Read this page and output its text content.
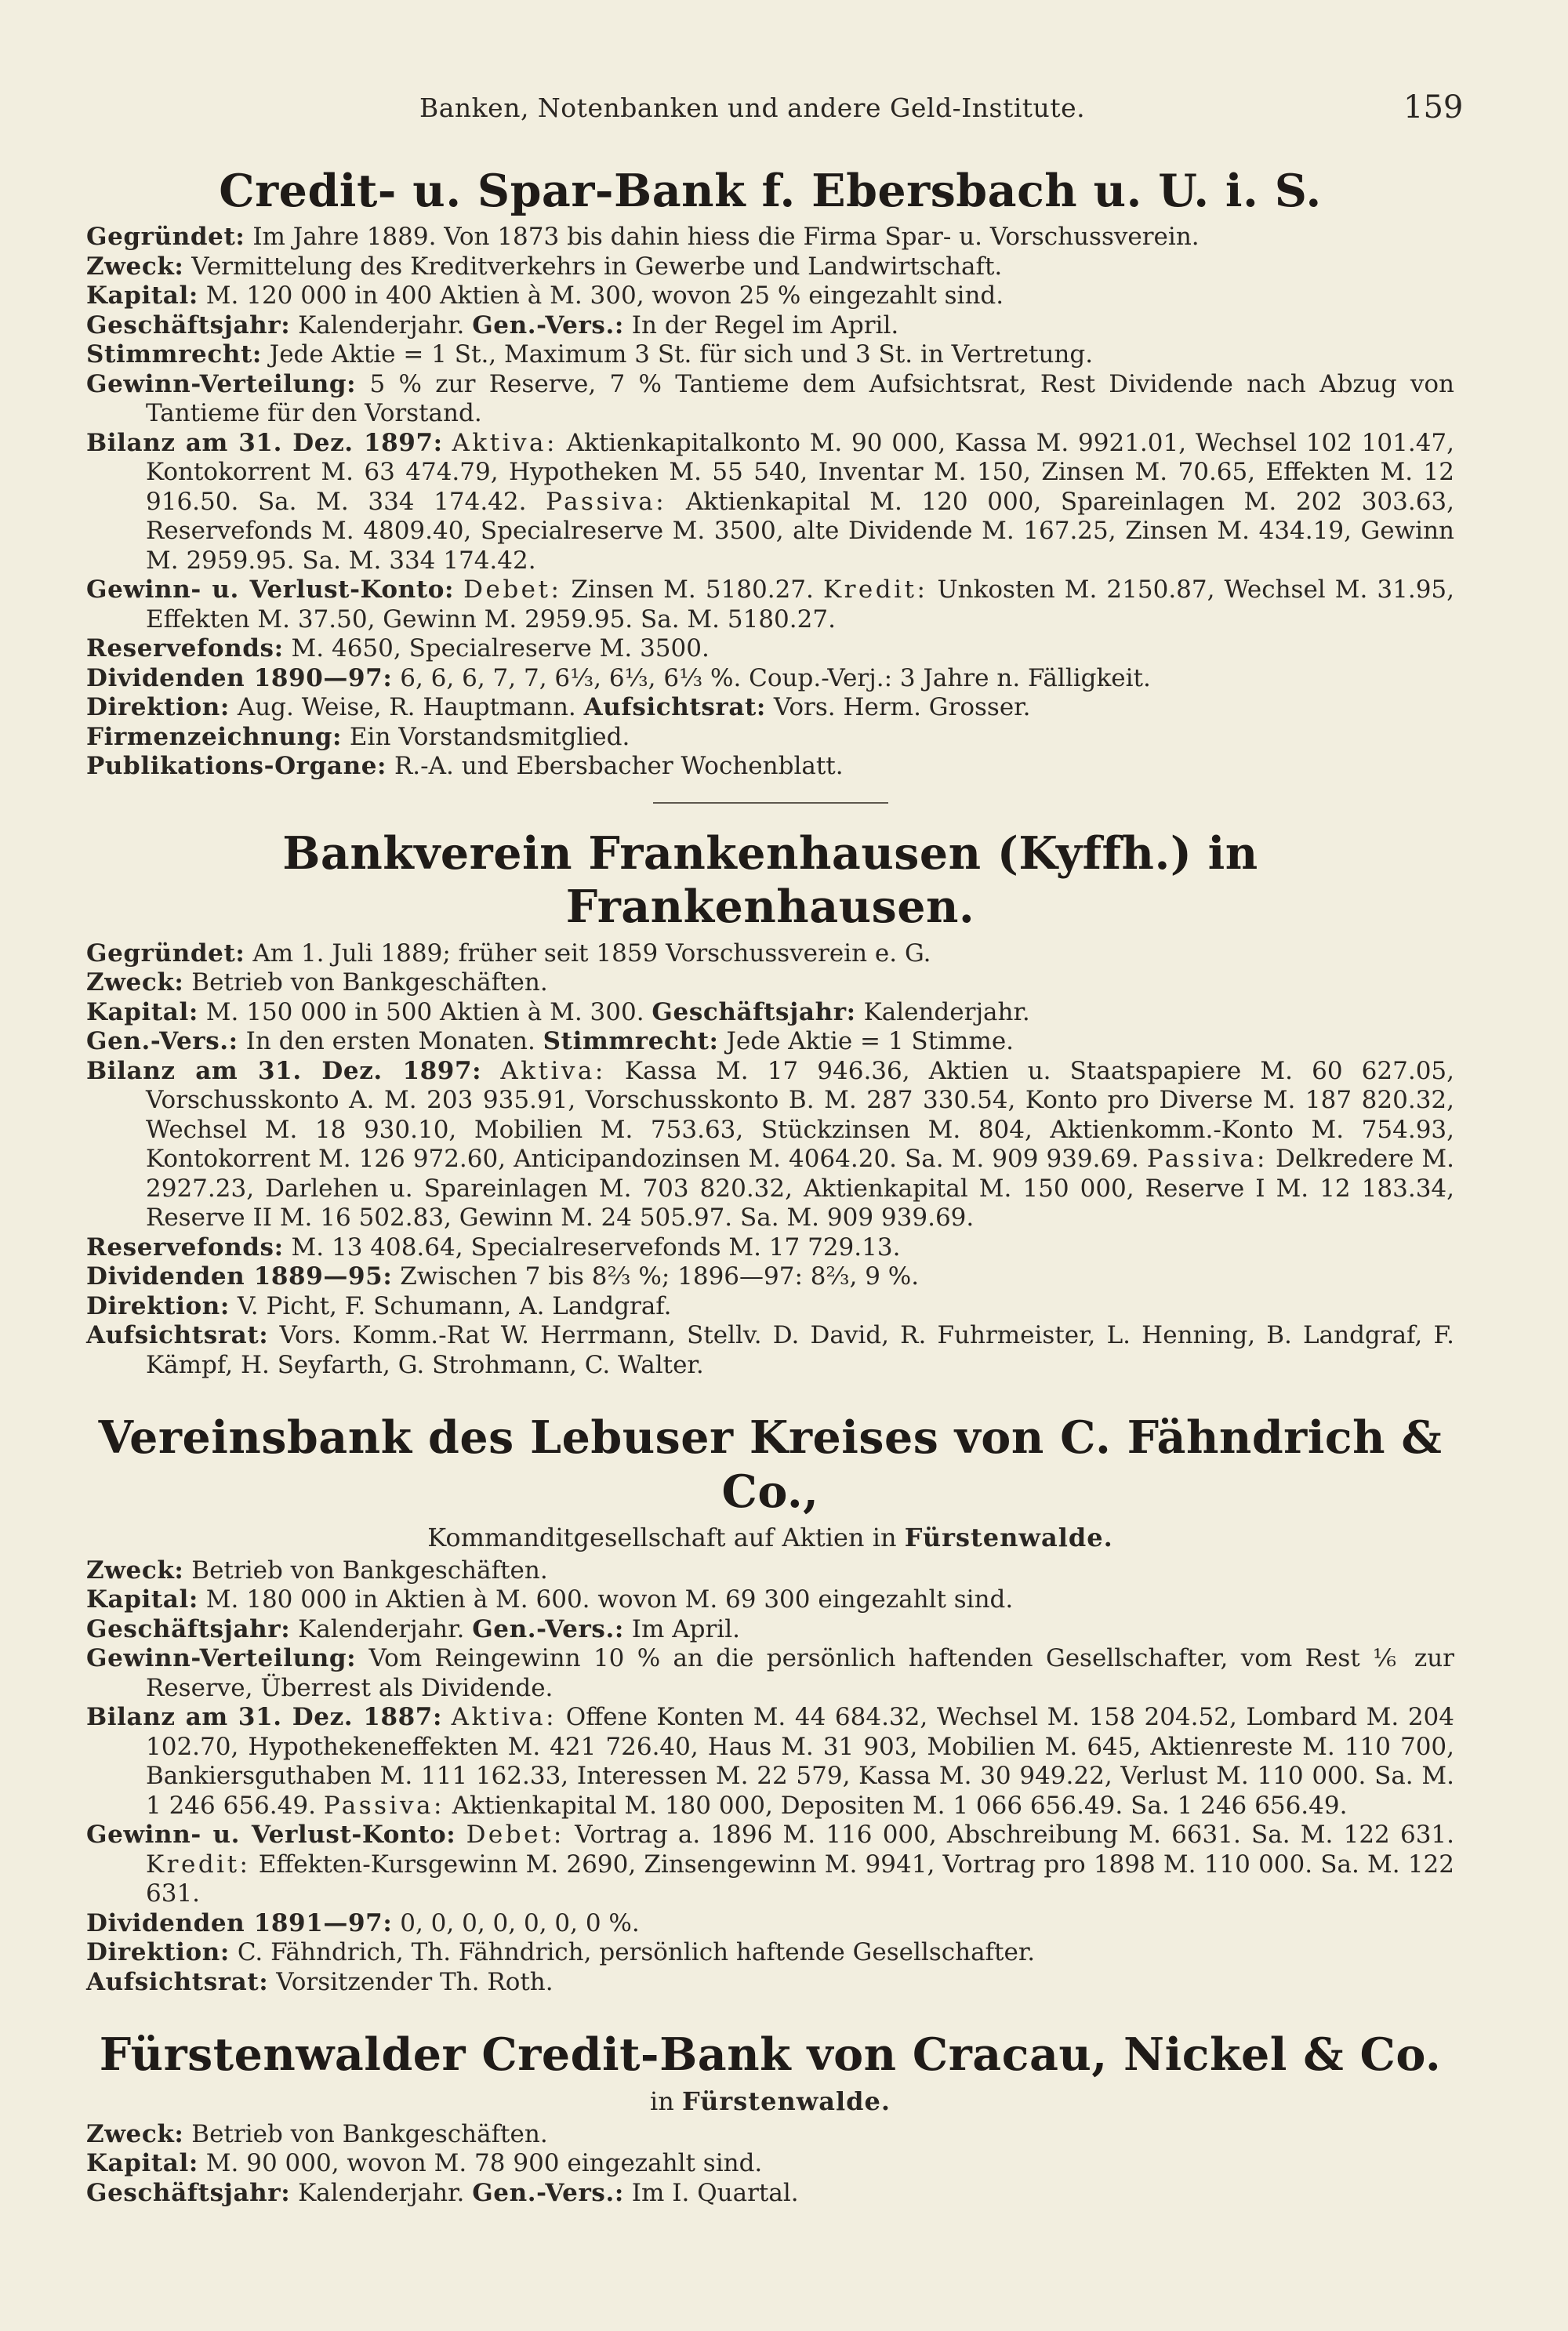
Banken, Notenbanken und andere Geld-Institute.	159
Credit- u. Spar-Bank f. Ebersbach u. U. i. S.

Gegründet: Im Jahre 1889. Von 1873 bis dahin hiess die Firma Spar- u. Vorschussverein.

Zweck: Vermittelung des Kreditverkehrs in Gewerbe und Landwirtschaft.

Kapital: M. 120 000 in 400 Aktien à M. 300, wovon 25 % eingezahlt sind.

Geschäftsjahr: Kalenderjahr. Gen.-Vers.: In der Regel im April.

Stimmrecht: Jede Aktie = 1 St., Maximum 3 St. für sich und 3 St. in Vertretung.

Gewinn-Verteilung: 5 % zur Reserve, 7 % Tantieme dem Aufsichtsrat, Rest Dividende nach Abzug von Tantieme für den Vorstand.

Bilanz am 31. Dez. 1897: Aktiva: Aktienkapitalkonto M. 90 000, Kassa M. 9921.01, Wechsel 102 101.47, Kontokorrent M. 63 474.79, Hypotheken M. 55 540, Inventar M. 150, Zinsen M. 70.65, Effekten M. 12 916.50. Sa. M. 334 174.42. Passiva: Aktienkapital M. 120 000, Spareinlagen M. 202 303.63, Reservefonds M. 4809.40, Specialreserve M. 3500, alte Dividende M. 167.25, Zinsen M. 434.19, Gewinn M. 2959.95. Sa. M. 334 174.42.

Gewinn- u. Verlust-Konto: Debet: Zinsen M. 5180.27. Kredit: Unkosten M. 2150.87, Wechsel M. 31.95, Effekten M. 37.50, Gewinn M. 2959.95. Sa. M. 5180.27.

Reservefonds: M. 4650, Specialreserve M. 3500.

Dividenden 1890—97: 6, 6, 6, 7, 7, 6⅓, 6⅓, 6⅓ %. Coup.-Verj.: 3 Jahre n. Fälligkeit.

Direktion: Aug. Weise, R. Hauptmann. Aufsichtsrat: Vors. Herm. Grosser.

Firmenzeichnung: Ein Vorstandsmitglied.

Publikations-Organe: R.-A. und Ebersbacher Wochenblatt.

Bankverein Frankenhausen (Kyffh.) in Frankenhausen.

Gegründet: Am 1. Juli 1889; früher seit 1859 Vorschussverein e. G.

Zweck: Betrieb von Bankgeschäften.

Kapital: M. 150 000 in 500 Aktien à M. 300. Geschäftsjahr: Kalenderjahr.

Gen.-Vers.: In den ersten Monaten. Stimmrecht: Jede Aktie = 1 Stimme.

Bilanz am 31. Dez. 1897: Aktiva: Kassa M. 17 946.36, Aktien u. Staatspapiere M. 60 627.05, Vorschusskonto A. M. 203 935.91, Vorschusskonto B. M. 287 330.54, Konto pro Diverse M. 187 820.32, Wechsel M. 18 930.10, Mobilien M. 753.63, Stückzinsen M. 804, Aktienkomm.-Konto M. 754.93, Kontokorrent M. 126 972.60, Anticipandozinsen M. 4064.20. Sa. M. 909 939.69. Passiva: Delkredere M. 2927.23, Darlehen u. Spareinlagen M. 703 820.32, Aktienkapital M. 150 000, Reserve I M. 12 183.34, Reserve II M. 16 502.83, Gewinn M. 24 505.97. Sa. M. 909 939.69.

Reservefonds: M. 13 408.64, Specialreservefonds M. 17 729.13.

Dividenden 1889—95: Zwischen 7 bis 8⅔ %; 1896—97: 8⅔, 9 %.

Direktion: V. Picht, F. Schumann, A. Landgraf.

Aufsichtsrat: Vors. Komm.-Rat W. Herrmann, Stellv. D. David, R. Fuhrmeister, L. Henning, B. Landgraf, F. Kämpf, H. Seyfarth, G. Strohmann, C. Walter.

Vereinsbank des Lebuser Kreises von C. Fähndrich & Co.,
Kommanditgesellschaft auf Aktien in Fürstenwalde.

Zweck: Betrieb von Bankgeschäften.

Kapital: M. 180 000 in Aktien à M. 600. wovon M. 69 300 eingezahlt sind.

Geschäftsjahr: Kalenderjahr. Gen.-Vers.: Im April.

Gewinn-Verteilung: Vom Reingewinn 10 % an die persönlich haftenden Gesellschafter, vom Rest ⅙ zur Reserve, Überrest als Dividende.

Bilanz am 31. Dez. 1887: Aktiva: Offene Konten M. 44 684.32, Wechsel M. 158 204.52, Lombard M. 204 102.70, Hypothekeneffekten M. 421 726.40, Haus M. 31 903, Mobilien M. 645, Aktienreste M. 110 700, Bankiersguthaben M. 111 162.33, Interessen M. 22 579, Kassa M. 30 949.22, Verlust M. 110 000. Sa. M. 1 246 656.49. Passiva: Aktienkapital M. 180 000, Depositen M. 1 066 656.49. Sa. 1 246 656.49.

Gewinn- u. Verlust-Konto: Debet: Vortrag a. 1896 M. 116 000, Abschreibung M. 6631. Sa. M. 122 631. Kredit: Effekten-Kursgewinn M. 2690, Zinsengewinn M. 9941, Vortrag pro 1898 M. 110 000. Sa. M. 122 631.

Dividenden 1891—97: 0, 0, 0, 0, 0, 0, 0 %.

Direktion: C. Fähndrich, Th. Fähndrich, persönlich haftende Gesellschafter.

Aufsichtsrat: Vorsitzender Th. Roth.

Fürstenwalder Credit-Bank von Cracau, Nickel & Co.
in Fürstenwalde.

Zweck: Betrieb von Bankgeschäften.

Kapital: M. 90 000, wovon M. 78 900 eingezahlt sind.

Geschäftsjahr: Kalenderjahr. Gen.-Vers.: Im I. Quartal.
